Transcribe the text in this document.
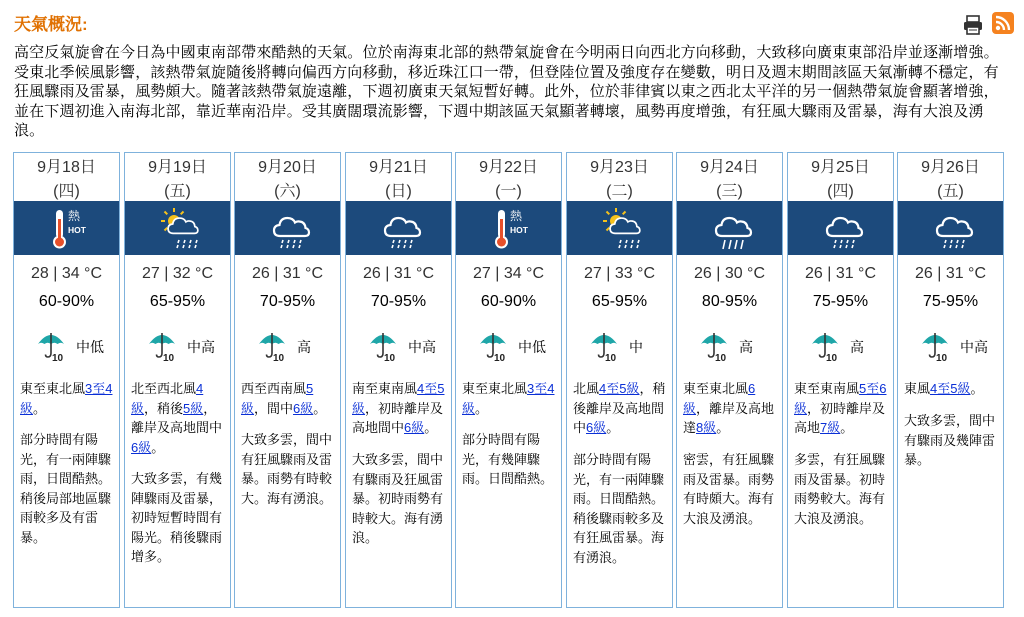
天氣概況:
高空反氣旋會在今日為中國東南部帶來酷熱的天氣。位於南海東北部的熱帶氣旋會在今明兩日向西北方向移動，大致移向廣東東部沿岸並逐漸增強。受東北季候風影響，該熱帶氣旋隨後將轉向偏西方向移動，移近珠江口一帶，但登陸位置及強度存在變數，明日及週末期間該區天氣漸轉不穩定，有狂風驟雨及雷暴，風勢頗大。隨著該熱帶氣旋遠離，下週初廣東天氣短暫好轉。此外，位於菲律賓以東之西北太平洋的另一個熱帶氣旋會顯著增強，並在下週初進入南海北部，靠近華南沿岸。受其廣闊環流影響，下週中期該區天氣顯著轉壞，風勢再度增強，有狂風大驟雨及雷暴，海有大浪及湧浪。
9月18日
(四)
熱
HOT
28 | 34 °C
60-90%
10
中低
東至東北風3至4級。
部分時間有陽光，有一兩陣驟雨，日間酷熱。稍後局部地區驟雨較多及有雷暴。
9月19日
(五)
27 | 32 °C
65-95%
10
中高
北至西北風4級，稍後5級，離岸及高地間中6級。
大致多雲，有幾陣驟雨及雷暴，初時短暫時間有陽光。稍後驟雨增多。
9月20日
(六)
26 | 31 °C
70-95%
10
高
西至西南風5級，間中6級。
大致多雲，間中有狂風驟雨及雷暴。雨勢有時較大。海有湧浪。
9月21日
(日)
26 | 31 °C
70-95%
10
中高
南至東南風4至5級，初時離岸及高地間中6級。
大致多雲，間中有驟雨及狂風雷暴。初時雨勢有時較大。海有湧浪。
9月22日
(一)
熱
HOT
27 | 34 °C
60-90%
10
中低
東至東北風3至4級。
部分時間有陽光，有幾陣驟雨。日間酷熱。
9月23日
(二)
27 | 33 °C
65-95%
10
中
北風4至5級，稍後離岸及高地間中6級。
部分時間有陽光，有一兩陣驟雨。日間酷熱。稍後驟雨較多及有狂風雷暴。海有湧浪。
9月24日
(三)
26 | 30 °C
80-95%
10
高
東至東北風6級，離岸及高地達8級。
密雲，有狂風驟雨及雷暴。雨勢有時頗大。海有大浪及湧浪。
9月25日
(四)
26 | 31 °C
75-95%
10
高
東至東南風5至6級，初時離岸及高地7級。
多雲，有狂風驟雨及雷暴。初時雨勢較大。海有大浪及湧浪。
9月26日
(五)
26 | 31 °C
75-95%
10
中高
東風4至5級。
大致多雲，間中有驟雨及幾陣雷暴。
